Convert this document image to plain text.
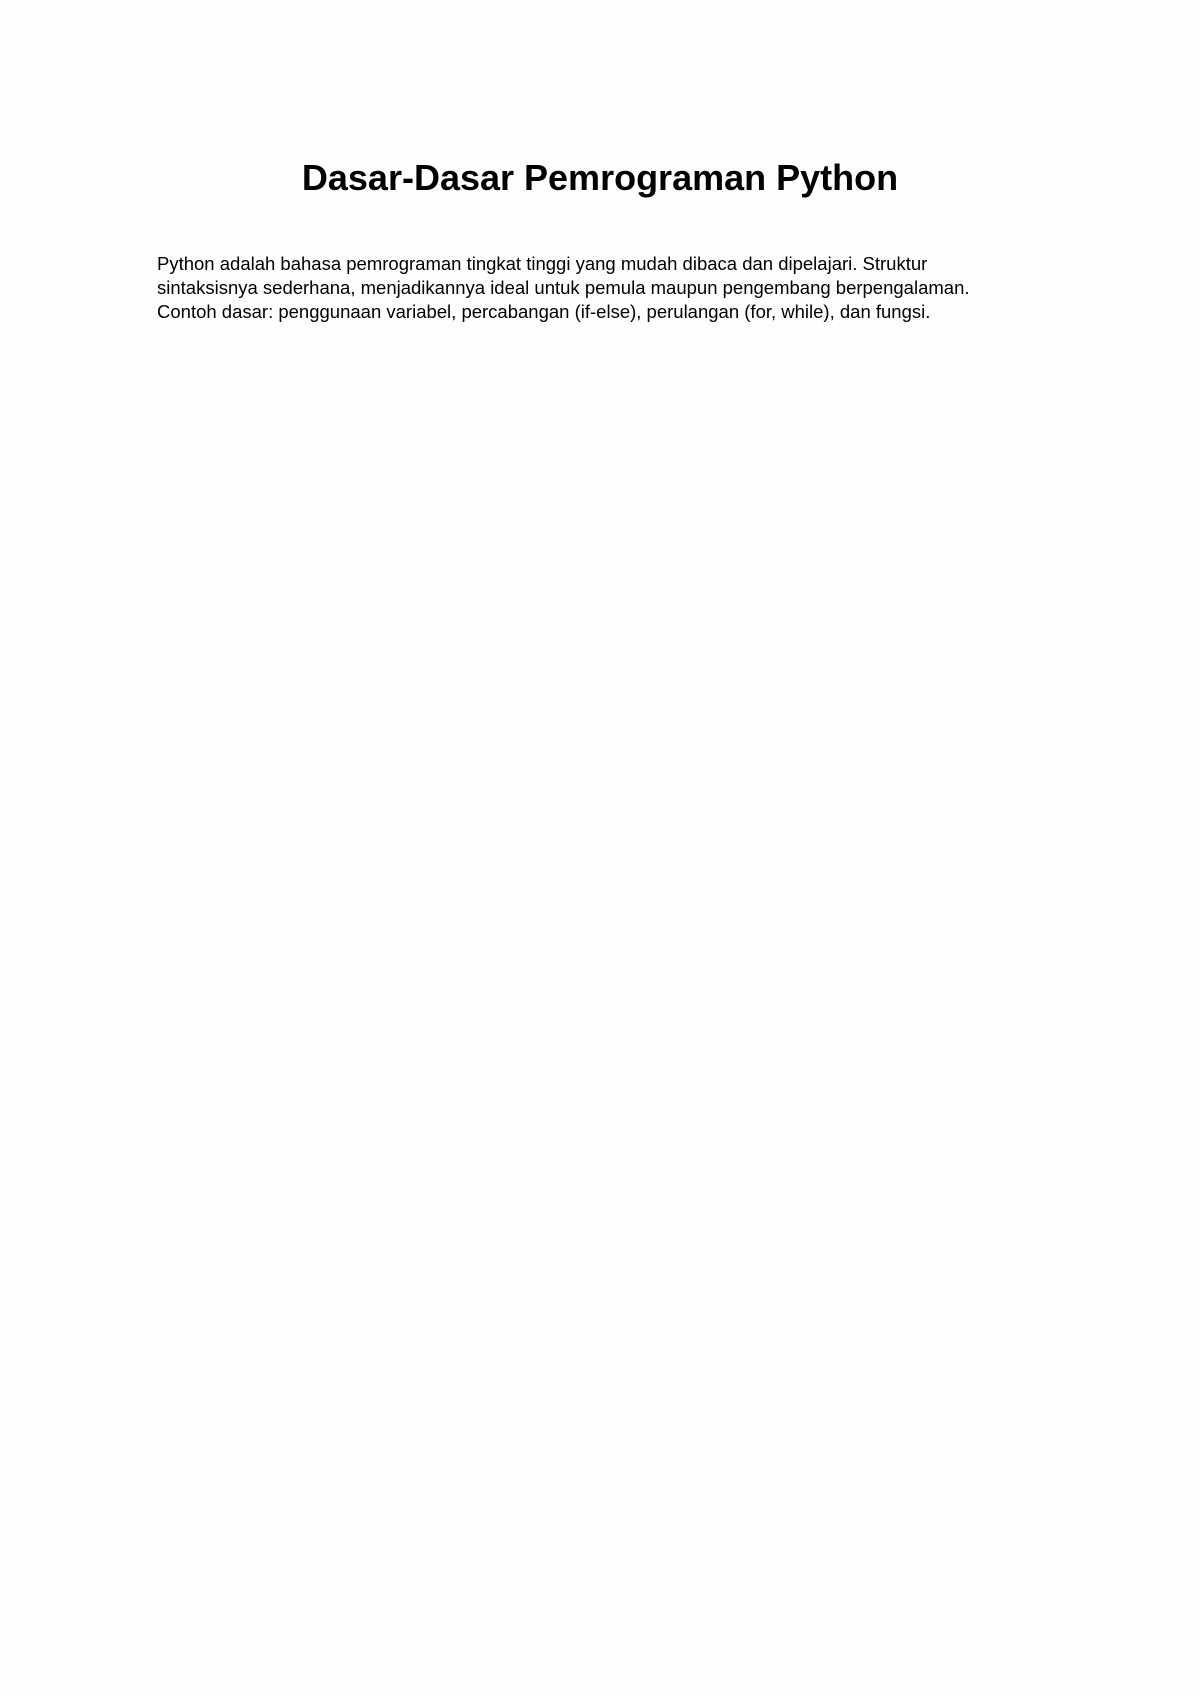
Dasar-Dasar Pemrograman Python

Python adalah bahasa pemrograman tingkat tinggi yang mudah dibaca dan dipelajari. Struktur
sintaksisnya sederhana, menjadikannya ideal untuk pemula maupun pengembang berpengalaman.
Contoh dasar: penggunaan variabel, percabangan (if-else), perulangan (for, while), dan fungsi.
